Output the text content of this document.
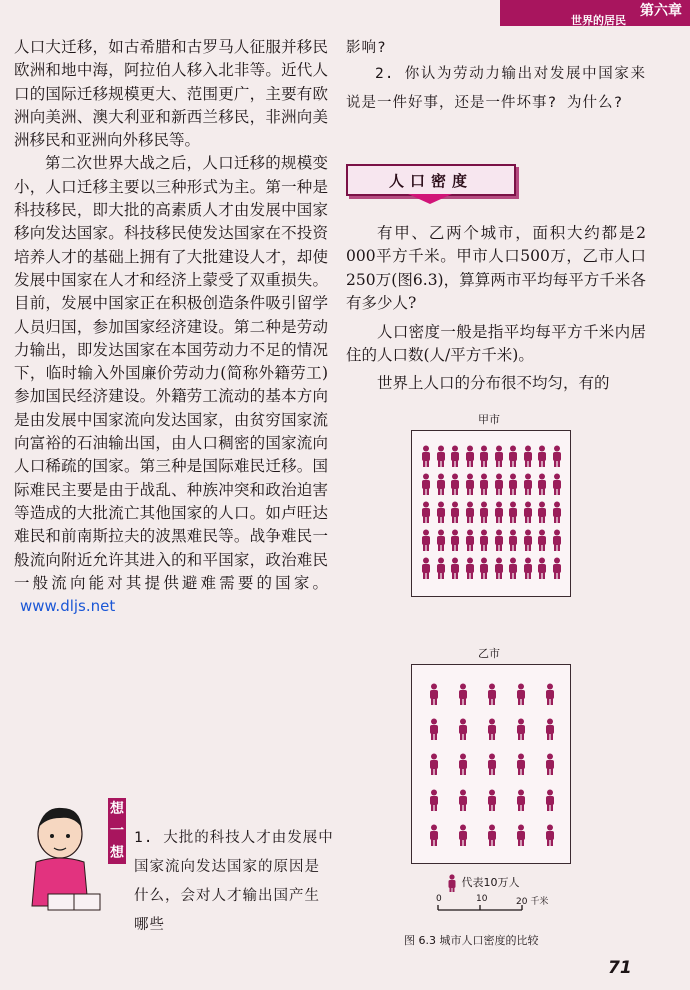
第六章
世界的居民

人口大迁移，如古希腊和古罗马人征服并移民欧洲和地中海，阿拉伯人移入北非等。近代人口的国际迁移规模更大、范围更广，主要有欧洲向美洲、澳大利亚和新西兰移民，非洲向美洲移民和亚洲向外移民等。

第二次世界大战之后，人口迁移的规模变小，人口迁移主要以三种形式为主。第一种是科技移民，即大批的高素质人才由发展中国家移向发达国家。科技移民使发达国家在不投资培养人才的基础上拥有了大批建设人才，却使发展中国家在人才和经济上蒙受了双重损失。目前，发展中国家正在积极创造条件吸引留学人员归国，参加国家经济建设。第二种是劳动力输出，即发达国家在本国劳动力不足的情况下，临时输入外国廉价劳动力(简称外籍劳工)参加国民经济建设。外籍劳工流动的基本方向是由发展中国家流向发达国家，由贫穷国家流向富裕的石油输出国，由人口稠密的国家流向人口稀疏的国家。第三种是国际难民迁移。国际难民主要是由于战乱、种族冲突和政治迫害等造成的大批流亡其他国家的人口。如卢旺达难民和前南斯拉夫的波黑难民等。战争难民一般流向附近允许其进入的和平国家，政治难民一般流向能对其提供避难需要的国家。www.dljs.net

影响?

2. 你认为劳动力输出对发展中国家来说是一件好事，还是一件坏事? 为什么?

人口密度

有甲、乙两个城市，面积大约都是2 000平方千米。甲市人口500万，乙市人口250万(图6.3)，算算两市平均每平方千米各有多少人?

人口密度一般是指平均每平方千米内居住的人口数(人/平方千米)。

世界上人口的分布很不均匀，有的

甲市
乙市
代表10万人
0	10	20 千米
图 6.3 城市人口密度的比较
想一想
1. 大批的科技人才由发展中国家流向发达国家的原因是什么，会对人才输出国产生哪些
71
